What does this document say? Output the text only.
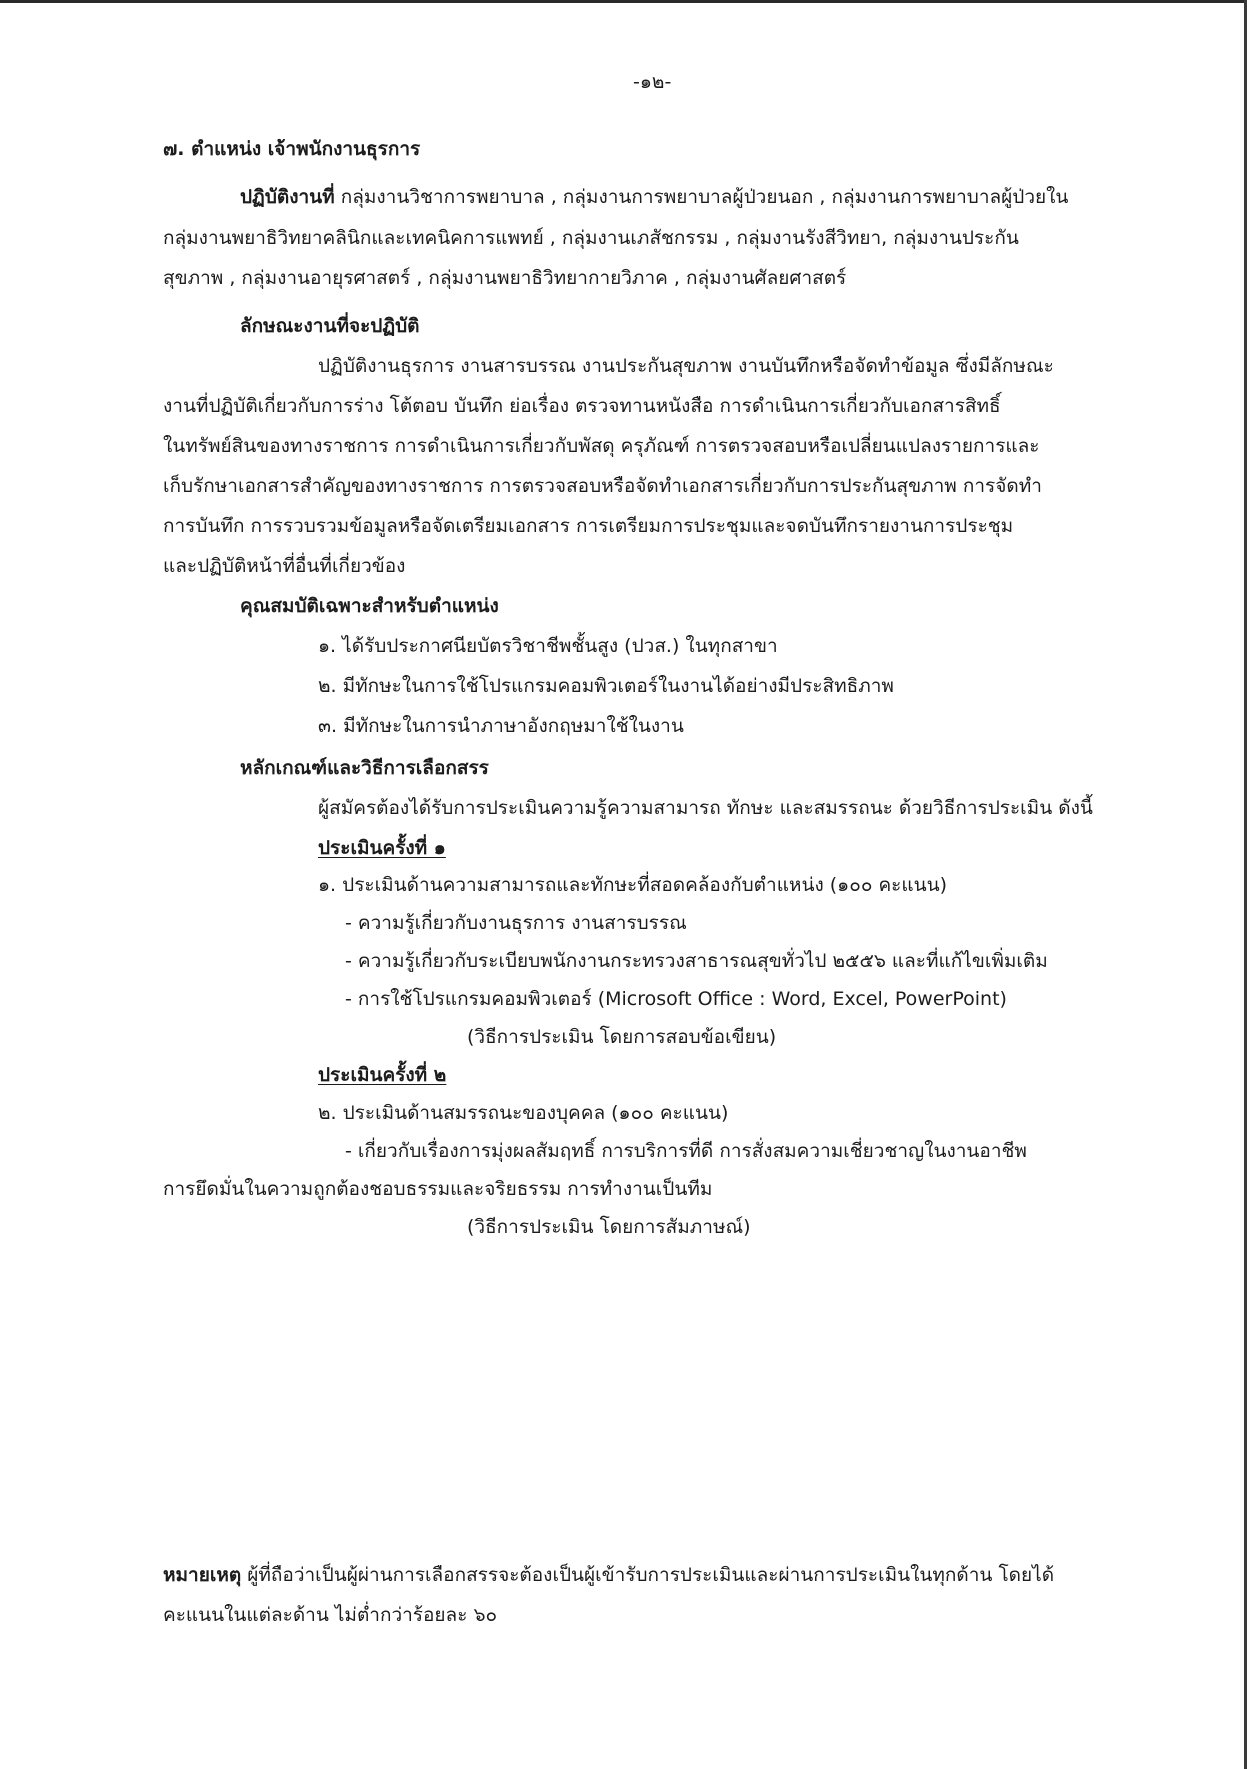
-๑๒-
๗. ตำแหน่ง เจ้าพนักงานธุรการ
ปฏิบัติงานที่ กลุ่มงานวิชาการพยาบาล , กลุ่มงานการพยาบาลผู้ป่วยนอก , กลุ่มงานการพยาบาลผู้ป่วยใน
กลุ่มงานพยาธิวิทยาคลินิกและเทคนิคการแพทย์ , กลุ่มงานเภสัชกรรม , กลุ่มงานรังสีวิทยา, กลุ่มงานประกัน
สุขภาพ , กลุ่มงานอายุรศาสตร์ , กลุ่มงานพยาธิวิทยากายวิภาค , กลุ่มงานศัลยศาสตร์
ลักษณะงานที่จะปฏิบัติ
ปฏิบัติงานธุรการ งานสารบรรณ งานประกันสุขภาพ งานบันทึกหรือจัดทำข้อมูล ซึ่งมีลักษณะ
งานที่ปฏิบัติเกี่ยวกับการร่าง โต้ตอบ บันทึก ย่อเรื่อง ตรวจทานหนังสือ การดำเนินการเกี่ยวกับเอกสารสิทธิ์
ในทรัพย์สินของทางราชการ การดำเนินการเกี่ยวกับพัสดุ ครุภัณฑ์ การตรวจสอบหรือเปลี่ยนแปลงรายการและ
เก็บรักษาเอกสารสำคัญของทางราชการ การตรวจสอบหรือจัดทำเอกสารเกี่ยวกับการประกันสุขภาพ การจัดทำ
การบันทึก การรวบรวมข้อมูลหรือจัดเตรียมเอกสาร การเตรียมการประชุมและจดบันทึกรายงานการประชุม
และปฏิบัติหน้าที่อื่นที่เกี่ยวข้อง
คุณสมบัติเฉพาะสำหรับตำแหน่ง
๑. ได้รับประกาศนียบัตรวิชาชีพชั้นสูง (ปวส.) ในทุกสาขา
๒. มีทักษะในการใช้โปรแกรมคอมพิวเตอร์ในงานได้อย่างมีประสิทธิภาพ
๓. มีทักษะในการนำภาษาอังกฤษมาใช้ในงาน
หลักเกณฑ์และวิธีการเลือกสรร
ผู้สมัครต้องได้รับการประเมินความรู้ความสามารถ ทักษะ และสมรรถนะ ด้วยวิธีการประเมิน ดังนี้
ประเมินครั้งที่ ๑
๑. ประเมินด้านความสามารถและทักษะที่สอดคล้องกับตำแหน่ง (๑๐๐ คะแนน)
- ความรู้เกี่ยวกับงานธุรการ งานสารบรรณ
- ความรู้เกี่ยวกับระเบียบพนักงานกระทรวงสาธารณสุขทั่วไป ๒๕๕๖ และที่แก้ไขเพิ่มเติม
- การใช้โปรแกรมคอมพิวเตอร์ (Microsoft Office : Word, Excel, PowerPoint)
(วิธีการประเมิน โดยการสอบข้อเขียน)
ประเมินครั้งที่ ๒
๒. ประเมินด้านสมรรถนะของบุคคล (๑๐๐ คะแนน)
- เกี่ยวกับเรื่องการมุ่งผลสัมฤทธิ์ การบริการที่ดี การสั่งสมความเชี่ยวชาญในงานอาชีพ
การยึดมั่นในความถูกต้องชอบธรรมและจริยธรรม การทำงานเป็นทีม
(วิธีการประเมิน โดยการสัมภาษณ์)
หมายเหตุ ผู้ที่ถือว่าเป็นผู้ผ่านการเลือกสรรจะต้องเป็นผู้เข้ารับการประเมินและผ่านการประเมินในทุกด้าน โดยได้
คะแนนในแต่ละด้าน ไม่ต่ำกว่าร้อยละ ๖๐
